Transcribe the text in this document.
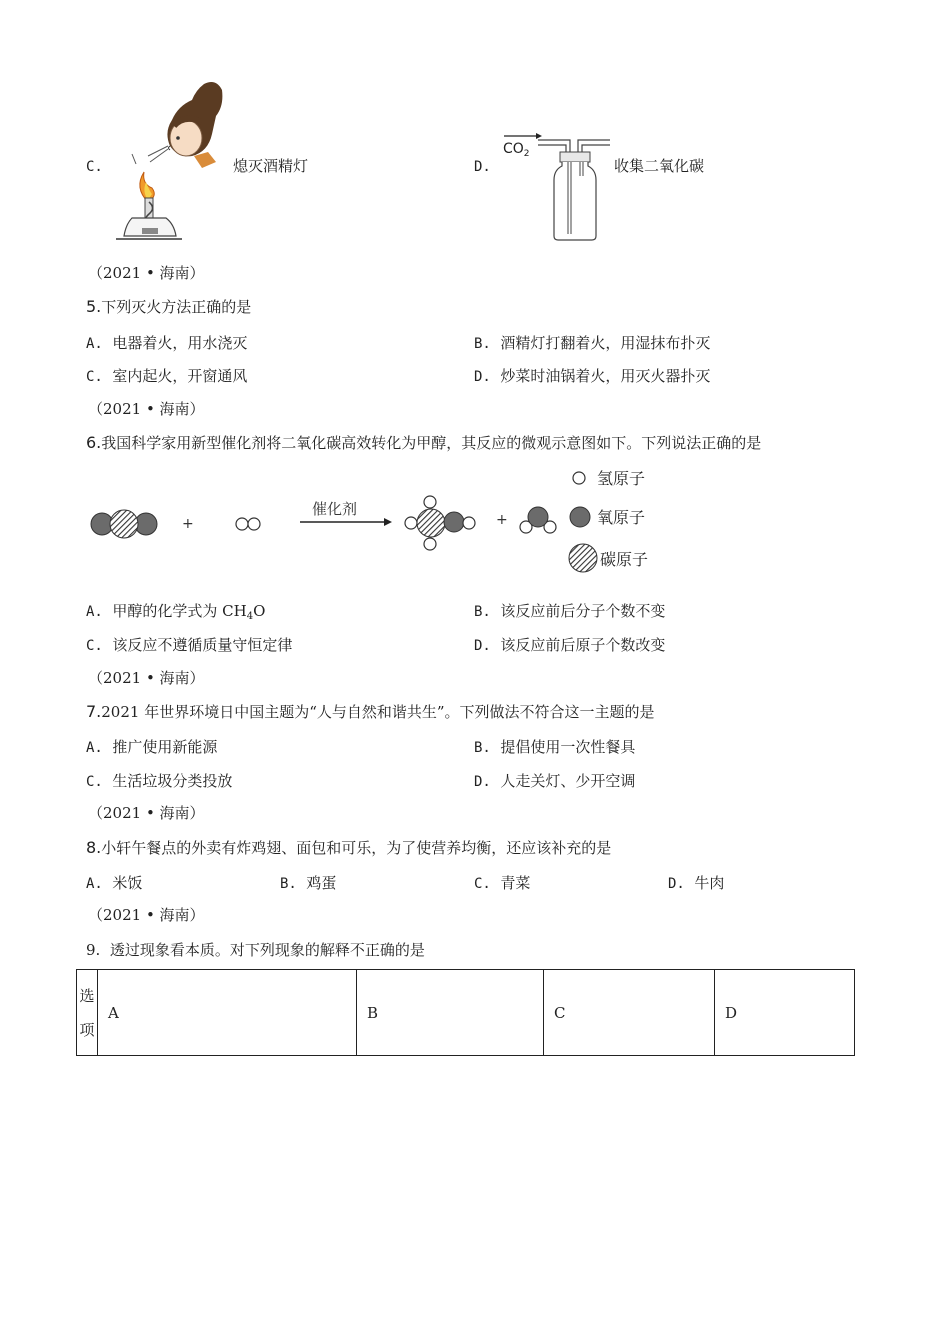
C.	熄灭酒精灯	D.
$CO_2$
收集二氧化碳
（2021 • 海南）
5.下列灭火方法正确的是
A. 电器着火，用水浇灭	B. 酒精灯打翻着火，用湿抹布扑灭
C. 室内起火，开窗通风	D. 炒菜时油锅着火，用灭火器扑灭
（2021 • 海南）
6.我国科学家用新型催化剂将二氧化碳高效转化为甲醇，其反应的微观示意图如下。下列说法正确的是
+
催化剂
+
氢原子
氧原子
碳原子
A. 甲醇的化学式为 $CH_4O$	B. 该反应前后分子个数不变
C. 该反应不遵循质量守恒定律	D. 该反应前后原子个数改变
（2021 • 海南）
7.2021 年世界环境日中国主题为“人与自然和谐共生”。下列做法不符合这一主题的是
A. 推广使用新能源	B. 提倡使用一次性餐具
C. 生活垃圾分类投放	D. 人走关灯、少开空调
（2021 • 海南）
8.小轩午餐点的外卖有炸鸡翅、面包和可乐，为了使营养均衡，还应该补充的是
A. 米饭	B. 鸡蛋	C. 青菜	D. 牛肉
（2021 • 海南）
9. 透过现象看本质。对下列现象的解释不正确的是
选
项	A	B	C	D
